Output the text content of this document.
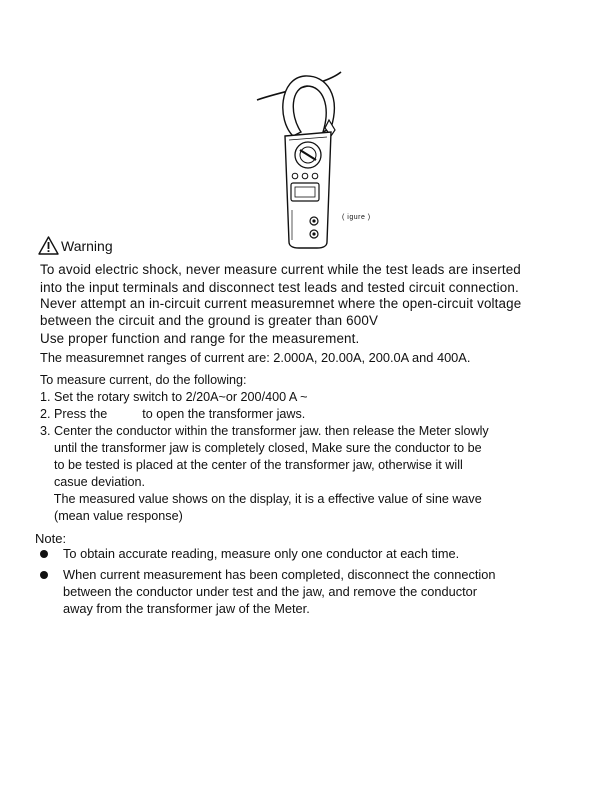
( igure )
Warning
To avoid electric shock, never measure current while the test leads are inserted
into the input terminals and disconnect test leads and tested circuit connection.
Never attempt an in-circuit current measuremnet where the open-circuit voltage
between the circuit and the ground is greater than 600V
Use proper function and range for the measurement.
The measuremnet ranges of current are: 2.000A, 20.00A, 200.0A and 400A.
To measure current, do the following:
1. Set the rotary switch to 2/20A~or 200/400 A ~
2. Press the          to open the transformer jaws.
3. Center the conductor within the transformer jaw. then release the Meter slowly
until the transformer jaw is completely closed, Make sure the conductor to be
to be tested is placed at the center of the transformer jaw, otherwise it will
casue deviation.
The measured value shows on the display, it is a effective value of sine wave
(mean value response)
Note:
To obtain accurate reading, measure only one conductor at each time.
When current measurement has been completed, disconnect the connection
between the conductor under test and the jaw, and remove the conductor
away from the transformer jaw of the Meter.
